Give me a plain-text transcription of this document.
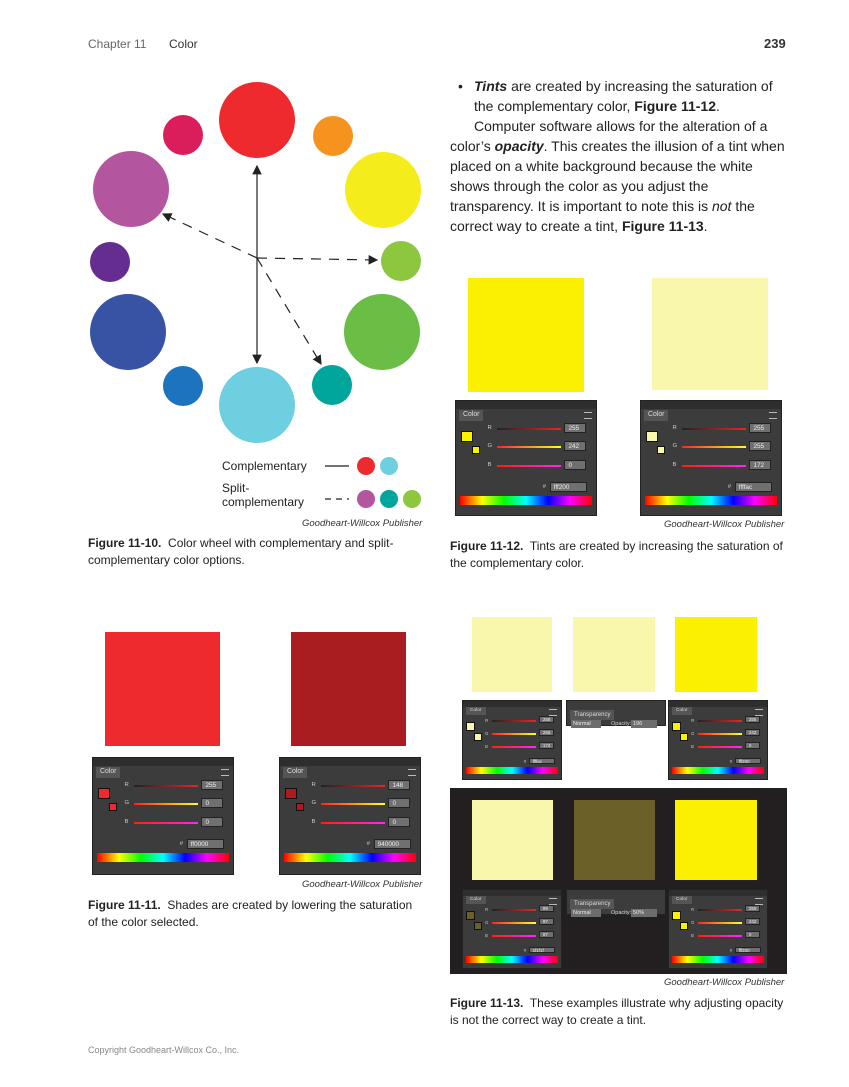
Chapter 11 Color	239
Complementary
Split-
complementary
Goodheart-Willcox Publisher
Figure 11-10. Color wheel with complementary and split-complementary color options.
• Tints are created by increasing the saturation of the complementary color, Figure 11-12.
Computer software allows for the alteration of a color’s opacity. This creates the illusion of a tint when placed on a white background because the white shows through the color as you adjust the transparency. It is important to note this is not the correct way to create a tint, Figure 11-13.
Color
R	255
G	242
B	0
#	fff200
Color
R	255
G	255
B	172
#	ffffac
Goodheart-Willcox Publisher
Figure 11-12. Tints are created by increasing the saturation of the complementary color.
Color
R	255
G	0
B	0
#	ff0000
Color
R	148
G	0
B	0
#	940000
Goodheart-Willcox Publisher
Figure 11-11. Shades are created by lowering the saturation of the color selected.
Color
R	255
G	255
B	172
#	ffffac
Transparency
Normal	Opacity: 196
Color
R	255
G	242
B	0
#	fff200
Color
R	99
G	87
B	87
#	1f1f1f
Transparency
Normal	Opacity: 50%
Color
R	255
G	242
B	0
#	fff200
Goodheart-Willcox Publisher
Figure 11-13. These examples illustrate why adjusting opacity is not the correct way to create a tint.
Copyright Goodheart-Willcox Co., Inc.
